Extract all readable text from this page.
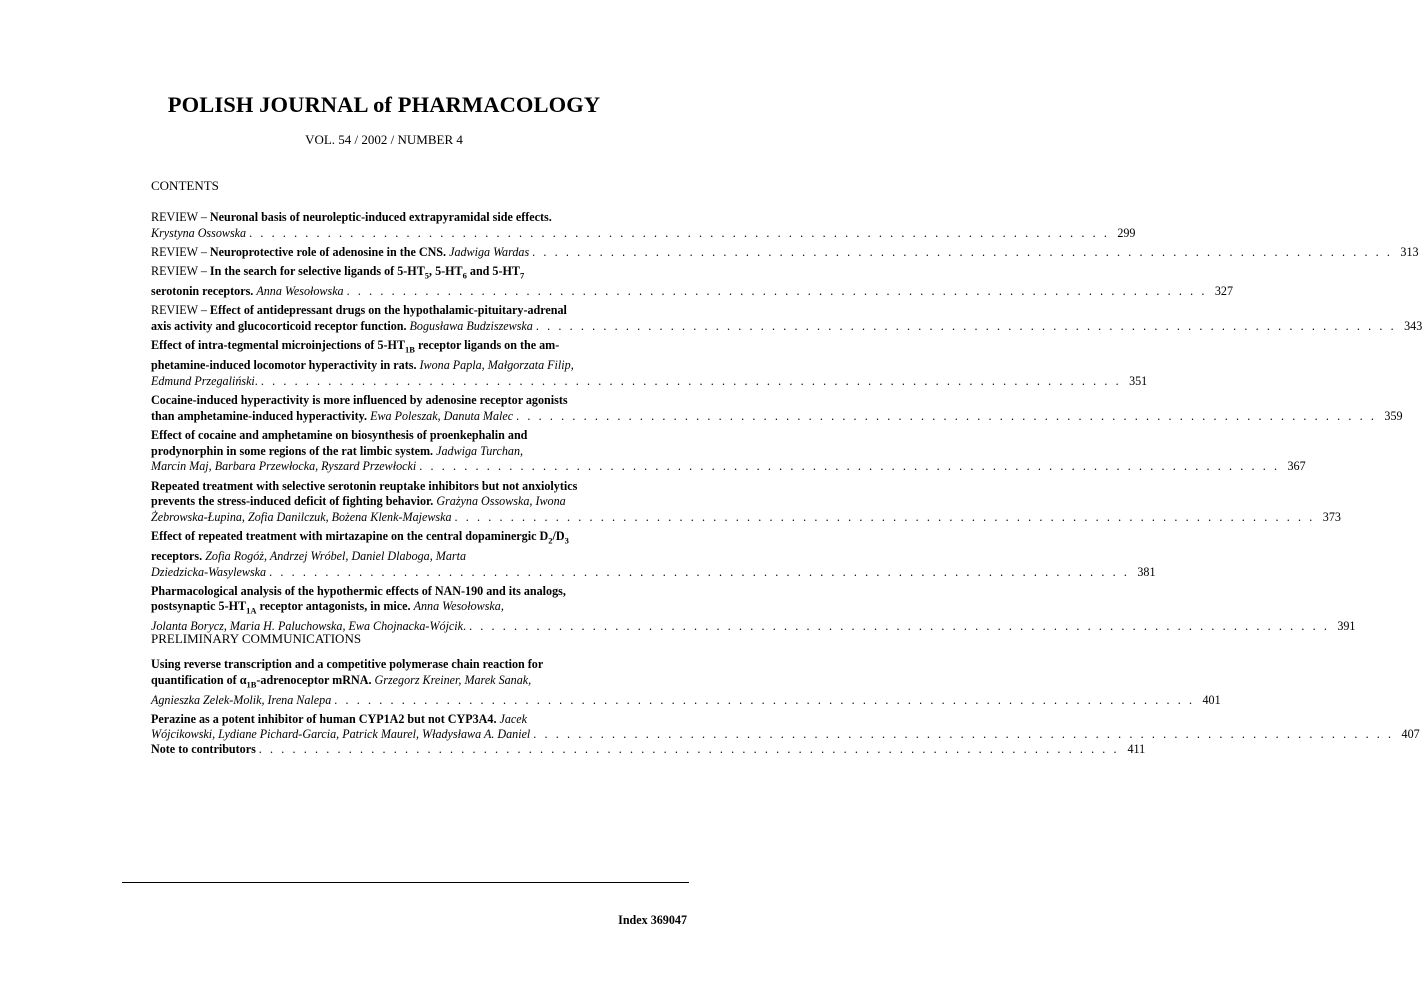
POLISH JOURNAL of PHARMACOLOGY
VOL. 54 / 2002 / NUMBER 4
CONTENTS
REVIEW – Neuronal basis of neuroleptic-induced extrapyramidal side effects.
Krystyna Ossowska . . . . . . . . . . . . . . . . . . . . . . . . . . . . . . . . . . . . . . . . . . . . . . . . . . . . . . . . . . . . . . . . . . . . . . . . . . . . . 299
REVIEW – Neuroprotective role of adenosine in the CNS. Jadwiga Wardas . . . . . . . . . . . . . . . . . . . . . . . . . . . . . . . . . . . . . . . . . . . . . . . . . . . . . . . . . . . . . . . . . . . . . . . . . . . . . 313
REVIEW – In the search for selective ligands of $5-HT_5$, $5-HT_6$ and $5-HT_7$
serotonin receptors. Anna Wesołowska . . . . . . . . . . . . . . . . . . . . . . . . . . . . . . . . . . . . . . . . . . . . . . . . . . . . . . . . . . . . . . . . . . . . . . . . . . . . . 327
REVIEW – Effect of antidepressant drugs on the hypothalamic-pituitary-adrenal
axis activity and glucocorticoid receptor function. Bogusława Budziszewska . . . . . . . . . . . . . . . . . . . . . . . . . . . . . . . . . . . . . . . . . . . . . . . . . . . . . . . . . . . . . . . . . . . . . . . . . . . . . 343
Effect of intra-tegmental microinjections of $5-HT_{1B}$ receptor ligands on the am-
phetamine-induced locomotor hyperactivity in rats. Iwona Papla, Małgorzata Filip,
Edmund Przegaliński. . . . . . . . . . . . . . . . . . . . . . . . . . . . . . . . . . . . . . . . . . . . . . . . . . . . . . . . . . . . . . . . . . . . . . . . . . . . . . 351
Cocaine-induced hyperactivity is more influenced by adenosine receptor agonists
than amphetamine-induced hyperactivity. Ewa Poleszak, Danuta Malec . . . . . . . . . . . . . . . . . . . . . . . . . . . . . . . . . . . . . . . . . . . . . . . . . . . . . . . . . . . . . . . . . . . . . . . . . . . . . 359
Effect of cocaine and amphetamine on biosynthesis of proenkephalin and
prodynorphin in some regions of the rat limbic system. Jadwiga Turchan,
Marcin Maj, Barbara Przewłocka, Ryszard Przewłocki . . . . . . . . . . . . . . . . . . . . . . . . . . . . . . . . . . . . . . . . . . . . . . . . . . . . . . . . . . . . . . . . . . . . . . . . . . . . . 367
Repeated treatment with selective serotonin reuptake inhibitors but not anxiolytics
prevents the stress-induced deficit of fighting behavior. Grażyna Ossowska, Iwona
Żebrowska-Łupina, Zofia Danilczuk, Bożena Klenk-Majewska . . . . . . . . . . . . . . . . . . . . . . . . . . . . . . . . . . . . . . . . . . . . . . . . . . . . . . . . . . . . . . . . . . . . . . . . . . . . . 373
Effect of repeated treatment with mirtazapine on the central dopaminergic $D_2/D_3$
receptors. Zofia Rogóż, Andrzej Wróbel, Daniel Dlaboga, Marta
Dziedzicka-Wasylewska . . . . . . . . . . . . . . . . . . . . . . . . . . . . . . . . . . . . . . . . . . . . . . . . . . . . . . . . . . . . . . . . . . . . . . . . . . . . . 381
Pharmacological analysis of the hypothermic effects of NAN-190 and its analogs,
postsynaptic $5-HT_{1A}$ receptor antagonists, in mice. Anna Wesołowska,
Jolanta Borycz, Maria H. Paluchowska, Ewa Chojnacka-Wójcik. . . . . . . . . . . . . . . . . . . . . . . . . . . . . . . . . . . . . . . . . . . . . . . . . . . . . . . . . . . . . . . . . . . . . . . . . . . . . . 391
PRELIMINARY COMMUNICATIONS
Using reverse transcription and a competitive polymerase chain reaction for
quantification of $\alpha_{1B}$-adrenoceptor mRNA. Grzegorz Kreiner, Marek Sanak,
Agnieszka Zelek-Molik, Irena Nalepa . . . . . . . . . . . . . . . . . . . . . . . . . . . . . . . . . . . . . . . . . . . . . . . . . . . . . . . . . . . . . . . . . . . . . . . . . . . . . 401
Perazine as a potent inhibitor of human CYP1A2 but not CYP3A4. Jacek
Wójcikowski, Lydiane Pichard-Garcia, Patrick Maurel, Władysława A. Daniel . . . . . . . . . . . . . . . . . . . . . . . . . . . . . . . . . . . . . . . . . . . . . . . . . . . . . . . . . . . . . . . . . . . . . . . . . . . . . 407
Note to contributors . . . . . . . . . . . . . . . . . . . . . . . . . . . . . . . . . . . . . . . . . . . . . . . . . . . . . . . . . . . . . . . . . . . . . . . . . . . . . 411
Index 369047
